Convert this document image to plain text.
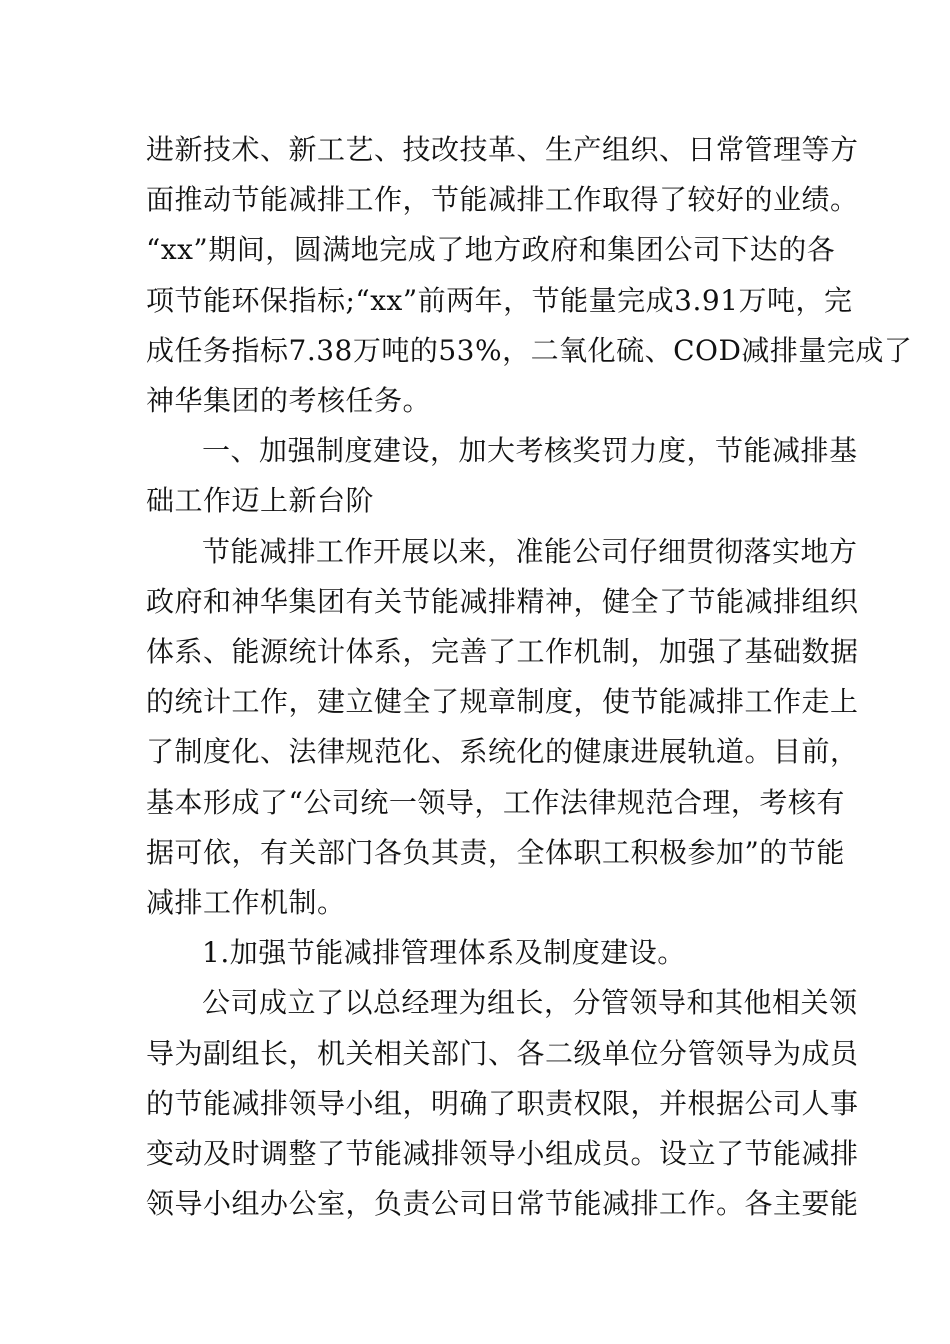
进新技术、新工艺、技改技革、生产组织、日常管理等方
面推动节能减排工作，节能减排工作取得了较好的业绩。
“xx”期间，圆满地完成了地方政府和集团公司下达的各
项节能环保指标;“xx”前两年，节能量完成3.91万吨，完
成任务指标7.38万吨的53%，二氧化硫、COD减排量完成了
神华集团的考核任务。
一、加强制度建设，加大考核奖罚力度，节能减排基
础工作迈上新台阶
节能减排工作开展以来，准能公司仔细贯彻落实地方
政府和神华集团有关节能减排精神，健全了节能减排组织
体系、能源统计体系，完善了工作机制，加强了基础数据
的统计工作，建立健全了规章制度，使节能减排工作走上
了制度化、法律规范化、系统化的健康进展轨道。目前，
基本形成了“公司统一领导，工作法律规范合理，考核有
据可依，有关部门各负其责，全体职工积极参加”的节能
减排工作机制。
1.加强节能减排管理体系及制度建设。
公司成立了以总经理为组长，分管领导和其他相关领
导为副组长，机关相关部门、各二级单位分管领导为成员
的节能减排领导小组，明确了职责权限，并根据公司人事
变动及时调整了节能减排领导小组成员。设立了节能减排
领导小组办公室，负责公司日常节能减排工作。各主要能
